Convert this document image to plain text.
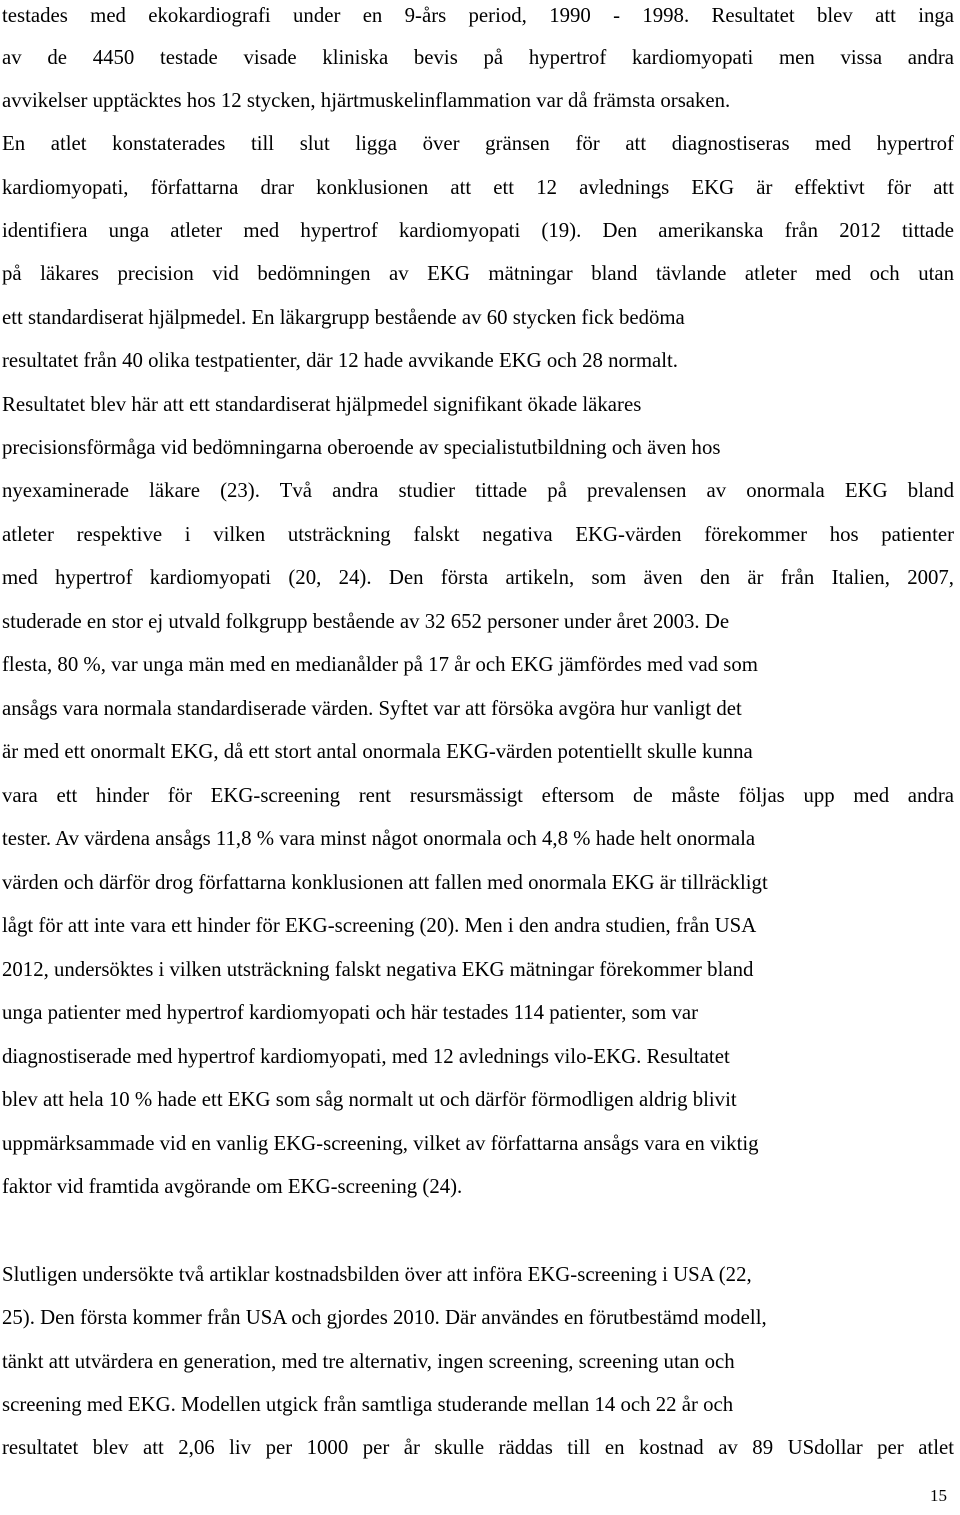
testades med ekokardiografi under en 9-års period, 1990 - 1998. Resultatet blev att inga
av de 4450 testade visade kliniska bevis på hypertrof kardiomyopati men vissa andra
avvikelser upptäcktes hos 12 stycken, hjärtmuskelinflammation var då främsta orsaken.
En atlet konstaterades till slut ligga över gränsen för att diagnostiseras med hypertrof
kardiomyopati, författarna drar konklusionen att ett 12 avlednings EKG är effektivt för att
identifiera unga atleter med hypertrof kardiomyopati (19). Den amerikanska från 2012 tittade
på läkares precision vid bedömningen av EKG mätningar bland tävlande atleter med och utan
ett standardiserat hjälpmedel. En läkargrupp bestående av 60 stycken fick bedöma
resultatet från 40 olika testpatienter, där 12 hade avvikande EKG och 28 normalt.
Resultatet blev här att ett standardiserat hjälpmedel signifikant ökade läkares
precisionsförmåga vid bedömningarna oberoende av specialistutbildning och även hos
nyexaminerade läkare (23). Två andra studier tittade på prevalensen av onormala EKG bland
atleter respektive i vilken utsträckning falskt negativa EKG-värden förekommer hos patienter
med hypertrof kardiomyopati (20, 24). Den första artikeln, som även den är från Italien, 2007,
studerade en stor ej utvald folkgrupp bestående av 32 652 personer under året 2003. De
flesta, 80 %, var unga män med en medianålder på 17 år och EKG jämfördes med vad som
ansågs vara normala standardiserade värden. Syftet var att försöka avgöra hur vanligt det
är med ett onormalt EKG, då ett stort antal onormala EKG-värden potentiellt skulle kunna
vara ett hinder för EKG-screening rent resursmässigt eftersom de måste följas upp med andra
tester. Av värdena ansågs 11,8 % vara minst något onormala och 4,8 % hade helt onormala
värden och därför drog författarna konklusionen att fallen med onormala EKG är tillräckligt
lågt för att inte vara ett hinder för EKG-screening (20). Men i den andra studien, från USA
2012, undersöktes i vilken utsträckning falskt negativa EKG mätningar förekommer bland
unga patienter med hypertrof kardiomyopati och här testades 114 patienter, som var
diagnostiserade med hypertrof kardiomyopati, med 12 avlednings vilo-EKG. Resultatet
blev att hela 10 % hade ett EKG som såg normalt ut och därför förmodligen aldrig blivit
uppmärksammade vid en vanlig EKG-screening, vilket av författarna ansågs vara en viktig
faktor vid framtida avgörande om EKG-screening (24).
Slutligen undersökte två artiklar kostnadsbilden över att införa EKG-screening i USA (22,
25). Den första kommer från USA och gjordes 2010. Där användes en förutbestämd modell,
tänkt att utvärdera en generation, med tre alternativ, ingen screening, screening utan och
screening med EKG. Modellen utgick från samtliga studerande mellan 14 och 22 år och
resultatet blev att 2,06 liv per 1000 per år skulle räddas till en kostnad av 89 USdollar per atlet
15
